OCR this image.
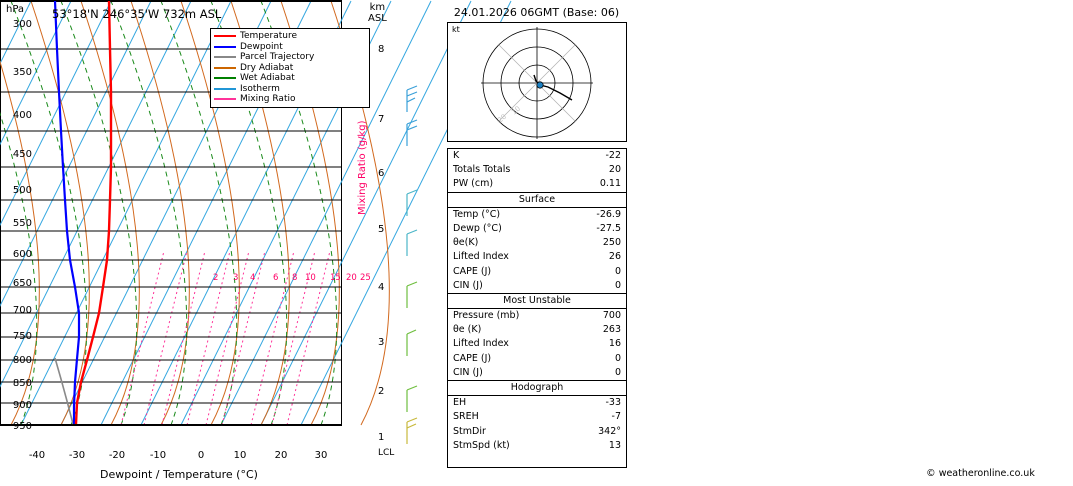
hPa 53°18'N 246°35'W 732m ASL	km
ASL
300
350
400
450
500
550
600
650
700
750
800
850
900
950
-40	-30	-20	-10	0	10	20	30
Dewpoint / Temperature (°C)
8
7
6
5
4
3
2
1
LCL
2 3 4 6 8 10 15 20 25
Mixing Ratio (g/kg)
Temperature
Dewpoint
Parcel Trajectory
Dry Adiabat
Wet Adiabat
Isotherm
Mixing Ratio
24.01.2026 06GMT (Base: 06)
kt
10
20
K	-22
Totals Totals	20
PW (cm)	0.11
Surface
Temp (°C)	-26.9
Dewp (°C)	-27.5
θe(K)	250
Lifted Index	26
CAPE (J)	0
CIN (J)	0
Most Unstable
Pressure (mb)	700
θe (K)	263
Lifted Index	16
CAPE (J)	0
CIN (J)	0
Hodograph
EH	-33
SREH	-7
StmDir	342°
StmSpd (kt)	13
© weatheronline.co.uk
